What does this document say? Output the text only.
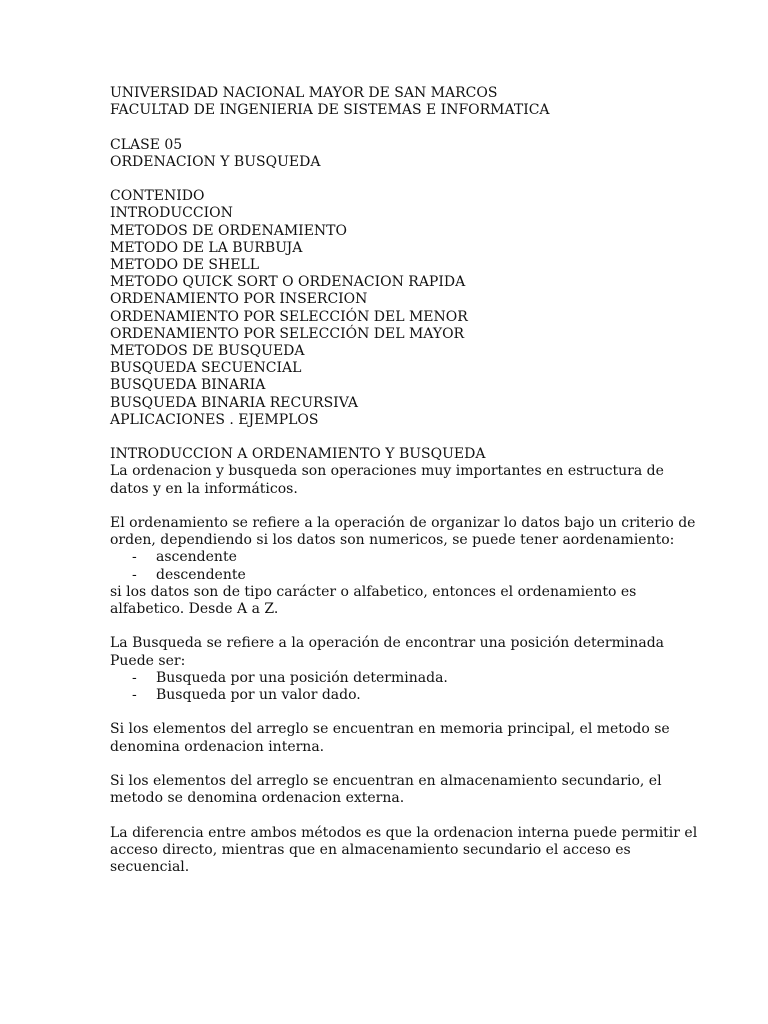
UNIVERSIDAD NACIONAL MAYOR DE SAN MARCOS
FACULTAD DE INGENIERIA DE SISTEMAS E INFORMATICA
CLASE 05
ORDENACION Y BUSQUEDA
CONTENIDO
INTRODUCCION
METODOS DE ORDENAMIENTO
METODO DE LA BURBUJA
METODO DE SHELL
METODO QUICK SORT O ORDENACION RAPIDA
ORDENAMIENTO POR INSERCION
ORDENAMIENTO POR SELECCIÓN DEL MENOR
ORDENAMIENTO POR SELECCIÓN DEL MAYOR
METODOS DE BUSQUEDA
BUSQUEDA SECUENCIAL
BUSQUEDA BINARIA
BUSQUEDA BINARIA RECURSIVA
APLICACIONES . EJEMPLOS
INTRODUCCION A ORDENAMIENTO Y BUSQUEDA
La ordenacion y busqueda son operaciones muy importantes en estructura de
datos y en la informáticos.
El ordenamiento se refiere a la operación de organizar lo datos bajo un criterio de
orden, dependiendo si los datos son numericos, se puede tener aordenamiento:
-	ascendente
-	descendente
si los datos son de tipo carácter o alfabetico, entonces el ordenamiento es
alfabetico. Desde A a Z.
La Busqueda se refiere a la operación de encontrar una posición determinada
Puede ser:
-	Busqueda por una posición determinada.
-	Busqueda por un valor dado.
Si los elementos del arreglo se encuentran en memoria principal, el metodo se
denomina ordenacion interna.
Si los elementos del arreglo se encuentran en almacenamiento secundario, el
metodo se denomina ordenacion externa.
La diferencia entre ambos métodos es que la ordenacion interna puede permitir el
acceso directo, mientras que en almacenamiento secundario el acceso es
secuencial.
